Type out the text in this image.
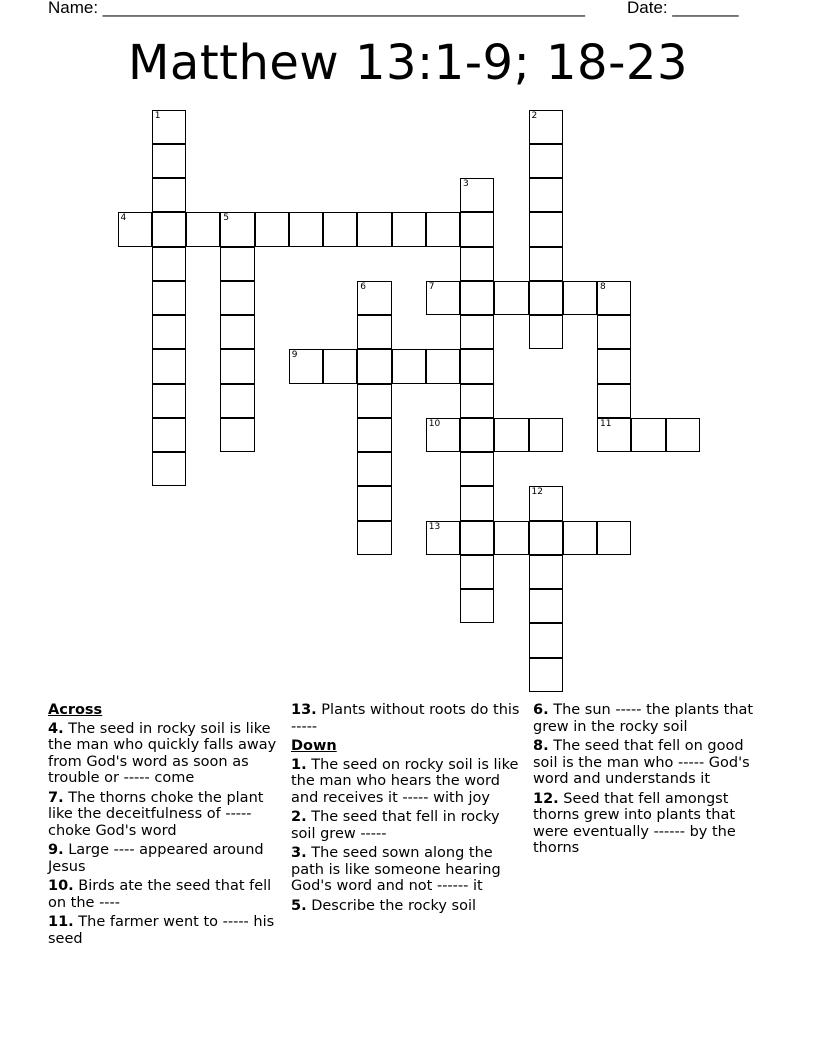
Name: ___________________________________________________ Date: _______
Matthew 13:1-9; 18-23
1	2
3
4	5
6	7	8
11
9
10
12
13
Across
4. The seed in rocky soil is like the man who quickly falls away from God's word as soon as trouble or ----- come
7. The thorns choke the plant like the deceitfulness of ----- choke God's word
9. Large ---- appeared around Jesus
10. Birds ate the seed that fell on the ----
11. The farmer went to ----- his seed
13. Plants without roots do this -----
Down
1. The seed on rocky soil is like the man who hears the word and receives it ----- with joy
2. The seed that fell in rocky soil grew -----
3. The seed sown along the path is like someone hearing God's word and not ------ it
5. Describe the rocky soil
6. The sun ----- the plants that grew in the rocky soil
8. The seed that fell on good soil is the man who ----- God's word and understands it
12. Seed that fell amongst thorns grew into plants that were eventually ------ by the thorns
